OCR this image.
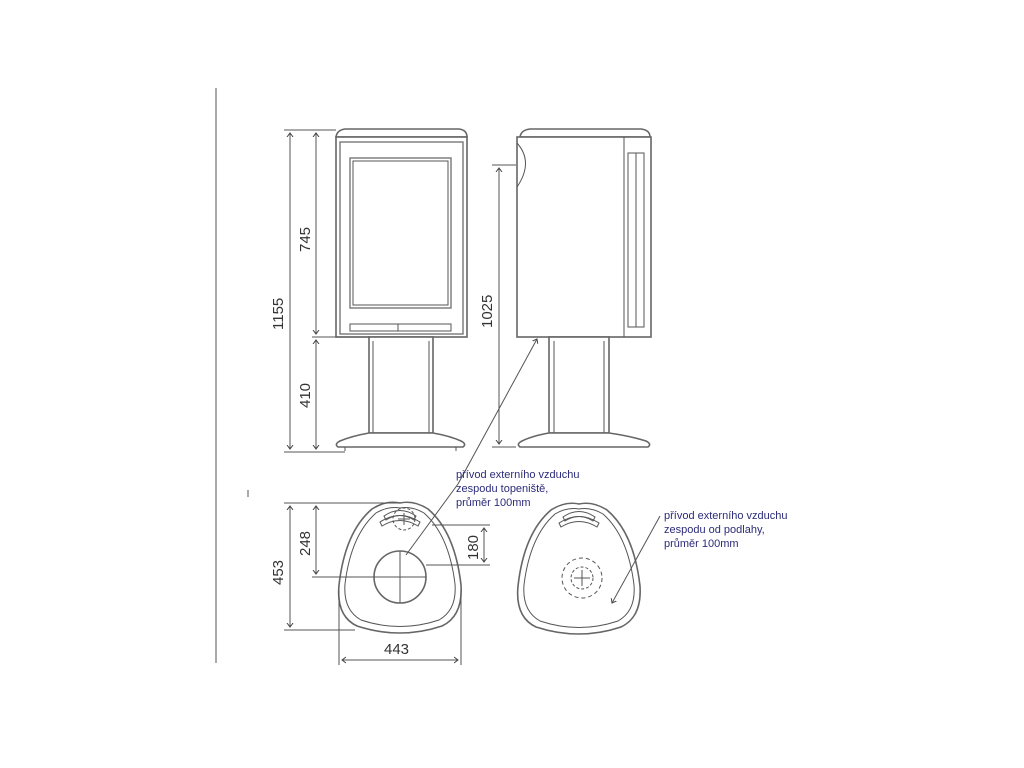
1155
745
410
1025
453
248	180
443
přívod externího vzduchu
zespodu topeniště,
průměr 100mm
přívod externího vzduchu
zespodu od podlahy,
průměr 100mm
